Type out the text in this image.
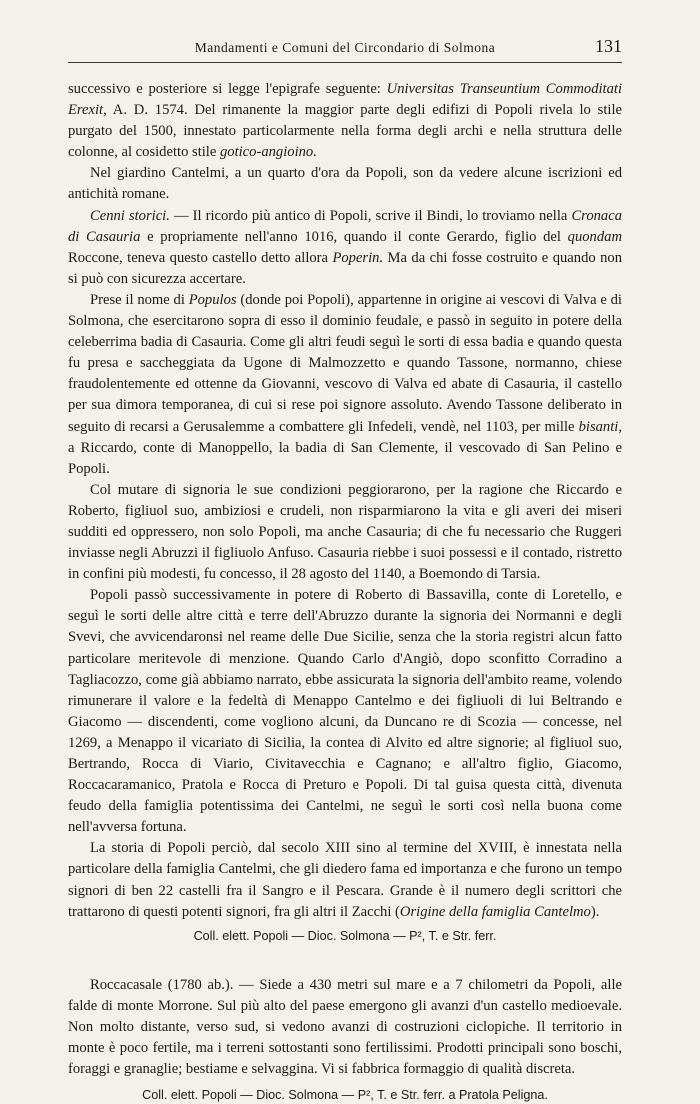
Mandamenti e Comuni del Circondario di Solmona	131

successivo e posteriore si legge l'epigrafe seguente: Universitas Transeuntium Commoditati Erexit, A. D. 1574. Del rimanente la maggior parte degli edifizi di Popoli rivela lo stile purgato del 1500, innestato particolarmente nella forma degli archi e nella struttura delle colonne, al cosidetto stile gotico-angioino.

Nel giardino Cantelmi, a un quarto d'ora da Popoli, son da vedere alcune iscrizioni ed antichità romane.

Cenni storici. — Il ricordo più antico di Popoli, scrive il Bindi, lo troviamo nella Cronaca di Casauria e propriamente nell'anno 1016, quando il conte Gerardo, figlio del quondam Roccone, teneva questo castello detto allora Poperin. Ma da chi fosse costruito e quando non si può con sicurezza accertare.

Prese il nome di Populos (donde poi Popoli), appartenne in origine ai vescovi di Valva e di Solmona, che esercitarono sopra di esso il dominio feudale, e passò in seguito in potere della celeberrima badia di Casauria. Come gli altri feudi seguì le sorti di essa badia e quando questa fu presa e saccheggiata da Ugone di Malmozzetto e quando Tassone, normanno, chiese fraudolentemente ed ottenne da Giovanni, vescovo di Valva ed abate di Casauria, il castello per sua dimora temporanea, di cui si rese poi signore assoluto. Avendo Tassone deliberato in seguito di recarsi a Gerusalemme a combattere gli Infedeli, vendè, nel 1103, per mille bisanti, a Riccardo, conte di Manoppello, la badia di San Clemente, il vescovado di San Pelino e Popoli.

Col mutare di signoria le sue condizioni peggiorarono, per la ragione che Riccardo e Roberto, figliuol suo, ambiziosi e crudeli, non risparmiarono la vita e gli averi dei miseri sudditi ed oppressero, non solo Popoli, ma anche Casauria; di che fu necessario che Ruggeri inviasse negli Abruzzi il figliuolo Anfuso. Casauria riebbe i suoi possessi e il contado, ristretto in confini più modesti, fu concesso, il 28 agosto del 1140, a Boemondo di Tarsia.

Popoli passò successivamente in potere di Roberto di Bassavilla, conte di Loretello, e seguì le sorti delle altre città e terre dell'Abruzzo durante la signoria dei Normanni e degli Svevi, che avvicendaronsi nel reame delle Due Sicilie, senza che la storia registri alcun fatto particolare meritevole di menzione. Quando Carlo d'Angiò, dopo sconfitto Corradino a Tagliacozzo, come già abbiamo narrato, ebbe assicurata la signoria dell'ambito reame, volendo rimunerare il valore e la fedeltà di Menappo Cantelmo e dei figliuoli di lui Beltrando e Giacomo — discendenti, come vogliono alcuni, da Duncano re di Scozia — concesse, nel 1269, a Menappo il vicariato di Sicilia, la contea di Alvito ed altre signorie; al figliuol suo, Bertrando, Rocca di Viario, Civitavecchia e Cagnano; e all'altro figlio, Giacomo, Roccacaramanico, Pratola e Rocca di Preturo e Popoli. Di tal guisa questa città, divenuta feudo della famiglia potentissima dei Cantelmi, ne seguì le sorti così nella buona come nell'avversa fortuna.

La storia di Popoli perciò, dal secolo XIII sino al termine del XVIII, è innestata nella particolare della famiglia Cantelmi, che gli diedero fama ed importanza e che furono un tempo signori di ben 22 castelli fra il Sangro e il Pescara. Grande è il numero degli scrittori che trattarono di questi potenti signori, fra gli altri il Zacchi (Origine della famiglia Cantelmo).

Coll. elett. Popoli — Dioc. Solmona — P², T. e Str. ferr.

Roccacasale (1780 ab.). — Siede a 430 metri sul mare e a 7 chilometri da Popoli, alle falde di monte Morrone. Sul più alto del paese emergono gli avanzi d'un castello medioevale. Non molto distante, verso sud, si vedono avanzi di costruzioni ciclopiche. Il territorio in monte è poco fertile, ma i terreni sottostanti sono fertilissimi. Prodotti principali sono boschi, foraggi e granaglie; bestiame e selvaggina. Vi si fabbrica formaggio di qualità discreta.

Coll. elett. Popoli — Dioc. Solmona — P², T. e Str. ferr. a Pratola Peligna.
